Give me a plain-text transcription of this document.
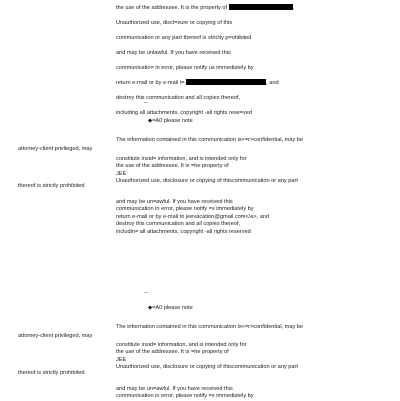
the use of the addressee. It is the property of	.

Unauthorized use, discl=sure or copying of this

communication or any part thereof is strictly p=ohibited

and may be unlawful. If you have received this

communicatio= in error, please notify us immediately by

return e-mail or by e-mail t=	, and

destroy this communication and all copies thereof,

including all attachments. copyright -all rights rese=ved

--
◆=A0 please note
The information contained in this communication is<=r>confidential, may be
attorney-client privileged, may
constitute insid= information, and is intended only for
the use of the addressee. It is =he property of
JEE
Unauthorized use, disclosure or copying of thiscommunication or any part
thereof is strictly prohibited
and may be un=awful. If you have received this
communication in error, please notify =s immediately by
return e-mail or by e-mail to jeevacation@gmail.com</a>, and
destroy this communication and all copies thereof,
includin= all attachments. copyright -all rights reserved
--
◆=A0 please note
The information contained in this communication is<=r>confidential, may be
attorney-client privileged, may
constitute insid= information, and is intended only for
the use of the addressee. It is =he property of
JEE
Unauthorized use, disclosure or copying of thiscommunication or any part
thereof is strictly prohibited
and may be un=awful. If you have received this
communication in error, please notify =s immediately by
